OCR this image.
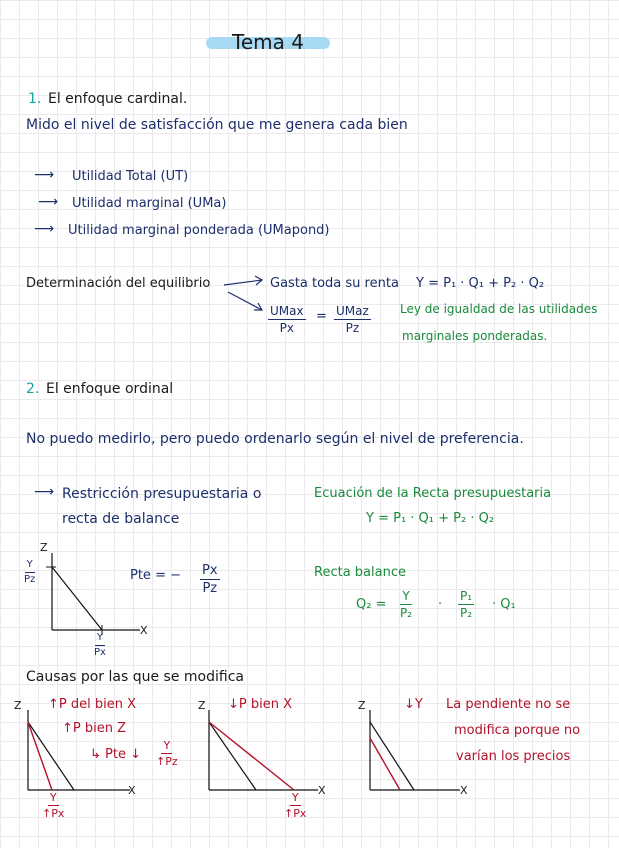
Tema 4
1. El enfoque cardinal.
Mido el nivel de satisfacción que me genera cada bien
⟶ Utilidad Total (UT)
⟶ Utilidad marginal (UMa)
⟶ Utilidad marginal ponderada (UMapond)
Determinación del equilibrio	Gasta toda su renta Y = P₁ · Q₁ + P₂ · Q₂
UMax
Px
= UMaz
Pz
Ley de igualdad de las utilidades
marginales ponderadas.
2. El enfoque ordinal
No puedo medirlo, pero puedo ordenarlo según el nivel de preferencia.
⟶ Restricción presupuestaria o
recta de balance
Ecuación de la Recta presupuestaria
Y = P₁ · Q₁ + P₂ · Q₂
Z
X
$\frac{Y}{Pz}$
$\frac{Y}{Px}$
Pte = − $\frac{Px}{Pz}$	Recta balance
$Q_2 = \frac{Y}{\text{P₂}} \cdot \frac{\text{P₁}}{\text{P₂}} \cdot Q_1$
Causas por las que se modifica
Z
X
↑P del bien X
↑P bien Z
↳ Pte ↓ $\frac{Y}{↑Pz}$
$\frac{Y}{↑Px}$
Z
X
↓P bien X
$\frac{Y}{↑Px}$
Z
X
↓Y La pendiente no se
modifica porque no
varían los precios
